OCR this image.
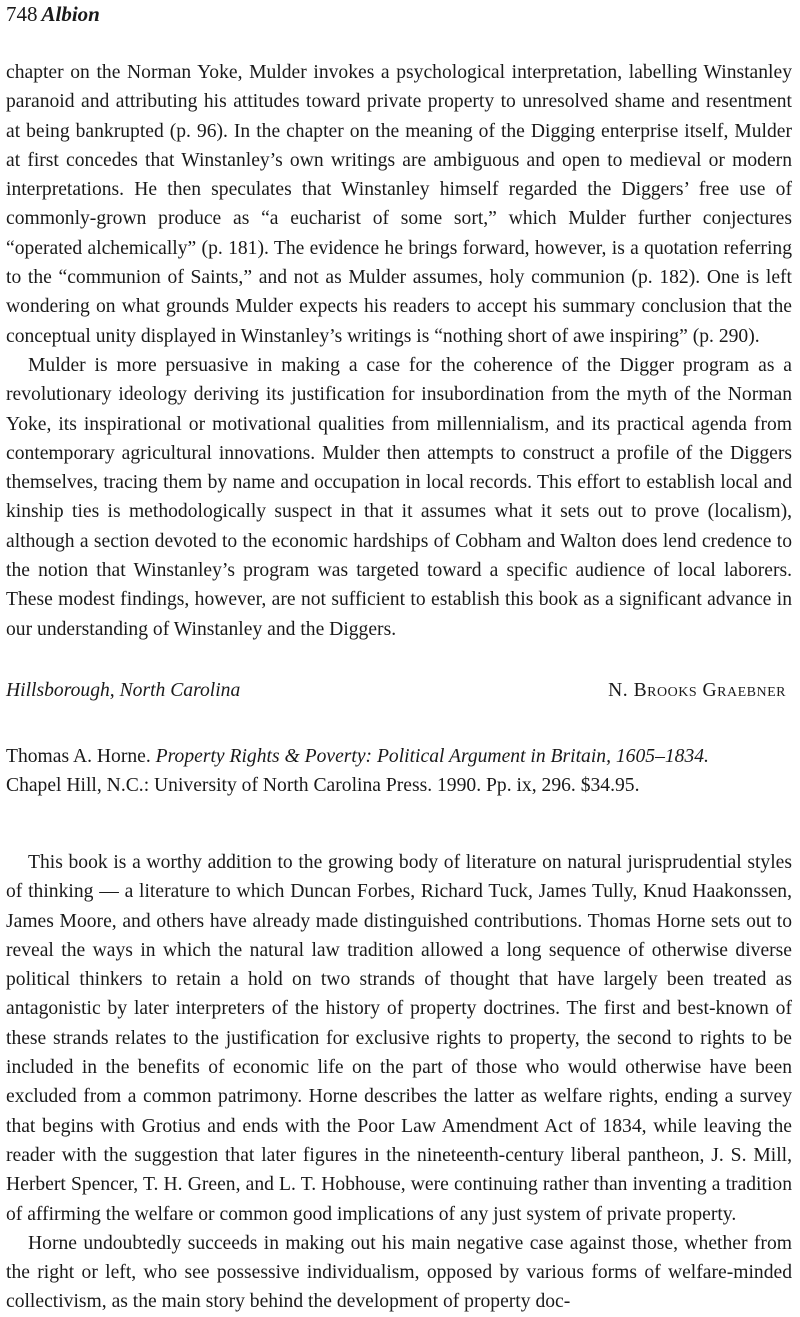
748 Albion

chapter on the Norman Yoke, Mulder invokes a psychological interpretation, labelling Winstanley paranoid and attributing his attitudes toward private property to unresolved shame and resentment at being bankrupted (p. 96). In the chapter on the meaning of the Digging enterprise itself, Mulder at first concedes that Winstanley’s own writings are ambiguous and open to medieval or modern interpretations. He then speculates that Winstanley himself regarded the Diggers’ free use of commonly-grown produce as “a eucharist of some sort,” which Mulder further conjectures “operated alchemically” (p. 181). The evidence he brings forward, however, is a quotation referring to the “communion of Saints,” and not as Mulder assumes, holy communion (p. 182). One is left wondering on what grounds Mulder expects his readers to accept his summary conclusion that the conceptual unity displayed in Winstanley’s writings is “nothing short of awe inspiring” (p. 290).

Mulder is more persuasive in making a case for the coherence of the Digger program as a revolutionary ideology deriving its justification for insubordination from the myth of the Norman Yoke, its inspirational or motivational qualities from millennialism, and its practical agenda from contemporary agricultural innovations. Mulder then attempts to construct a profile of the Diggers themselves, tracing them by name and occupation in local records. This effort to establish local and kinship ties is methodologically suspect in that it assumes what it sets out to prove (localism), although a section devoted to the economic hardships of Cobham and Walton does lend credence to the notion that Winstanley’s program was targeted toward a specific audience of local laborers. These modest findings, however, are not sufficient to establish this book as a significant advance in our understanding of Winstanley and the Diggers.

Hillsborough, North Carolina	N. Brooks Graebner

Thomas A. Horne. Property Rights & Poverty: Political Argument in Britain, 1605–1834.
Chapel Hill, N.C.: University of North Carolina Press. 1990. Pp. ix, 296. $34.95.

This book is a worthy addition to the growing body of literature on natural jurisprudential styles of thinking — a literature to which Duncan Forbes, Richard Tuck, James Tully, Knud Haakonssen, James Moore, and others have already made distinguished contributions. Thomas Horne sets out to reveal the ways in which the natural law tradition allowed a long sequence of otherwise diverse political thinkers to retain a hold on two strands of thought that have largely been treated as antagonistic by later interpreters of the history of property doctrines. The first and best-known of these strands relates to the justification for exclusive rights to property, the second to rights to be included in the benefits of economic life on the part of those who would otherwise have been excluded from a common patrimony. Horne describes the latter as welfare rights, ending a survey that begins with Grotius and ends with the Poor Law Amendment Act of 1834, while leaving the reader with the suggestion that later figures in the nineteenth-century liberal pantheon, J. S. Mill, Herbert Spencer, T. H. Green, and L. T. Hobhouse, were continuing rather than inventing a tradition of affirming the welfare or common good implications of any just system of private property.

Horne undoubtedly succeeds in making out his main negative case against those, whether from the right or left, who see possessive individualism, opposed by various forms of welfare-minded collectivism, as the main story behind the development of property doc-
